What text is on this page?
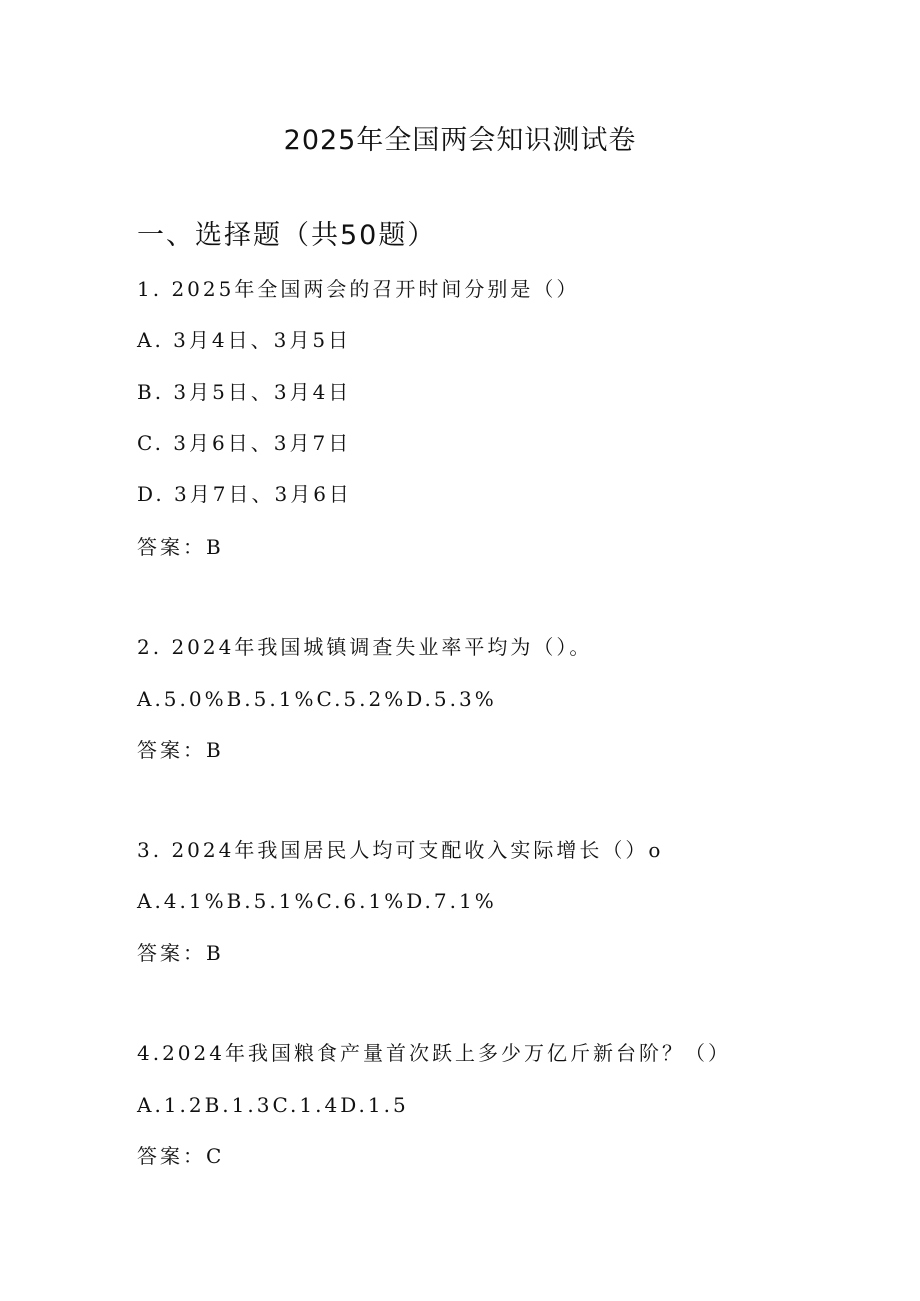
2025年全国两会知识测试卷
一、选择题（共50题）
1. 2025年全国两会的召开时间分别是（）
A. 3月4日、3月5日
B. 3月5日、3月4日
C. 3月6日、3月7日
D. 3月7日、3月6日
答案：B
2. 2024年我国城镇调查失业率平均为（）。
A.5.0%B.5.1%C.5.2%D.5.3%
答案：B
3. 2024年我国居民人均可支配收入实际增长（）o
A.4.1%B.5.1%C.6.1%D.7.1%
答案：B
4.2024年我国粮食产量首次跃上多少万亿斤新台阶？（）
A.1.2B.1.3C.1.4D.1.5
答案：C
